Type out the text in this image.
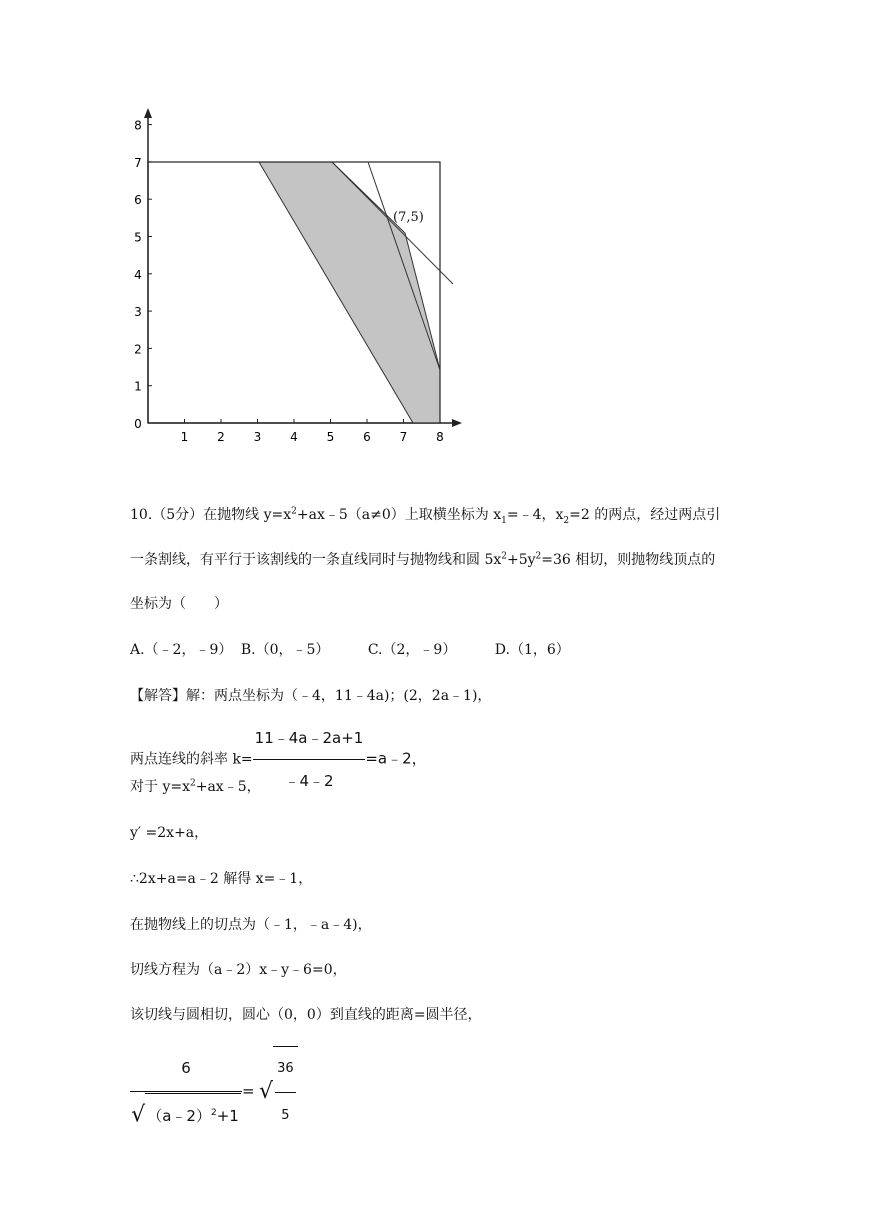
1 2 3 4 5 6 7 8
0
1
2
3
4
5
6
7
8
(7,5)
10.（5分）在抛物线 $y=x^2+ax﹣5(a\ne 0)$上取横坐标为 $x_1=﹣4$，$x_2=2$ 的两点，经过两点引
一条割线，有平行于该割线的一条直线同时与抛物线和圆 $5x^2+5y^2=36$ 相切，则抛物线顶点的
坐标为（　　）
A.（﹣2，﹣9） B.（0，﹣5）	C.（2，﹣9）	D.（1，6）
【解答】解：两点坐标为（﹣4，11﹣4a)；(2，2a﹣1)，
两点连线的斜率 $k= \frac{11﹣4a﹣2a+1}{﹣4﹣2}$ =a﹣2，
对于 $y=x^2+ax﹣5$，
y′ =2x+a，
∴2x+a=a﹣2 解得 x=﹣1，
在抛物线上的切点为（﹣1，﹣a﹣4)，
切线方程为（a﹣2）x﹣y﹣6=0，
该切线与圆相切，圆心（0，0）到直线的距离=圆半径，
$\frac{6}{√ (a﹣2)^2+1}$ = √ $\frac{36}{5}$
